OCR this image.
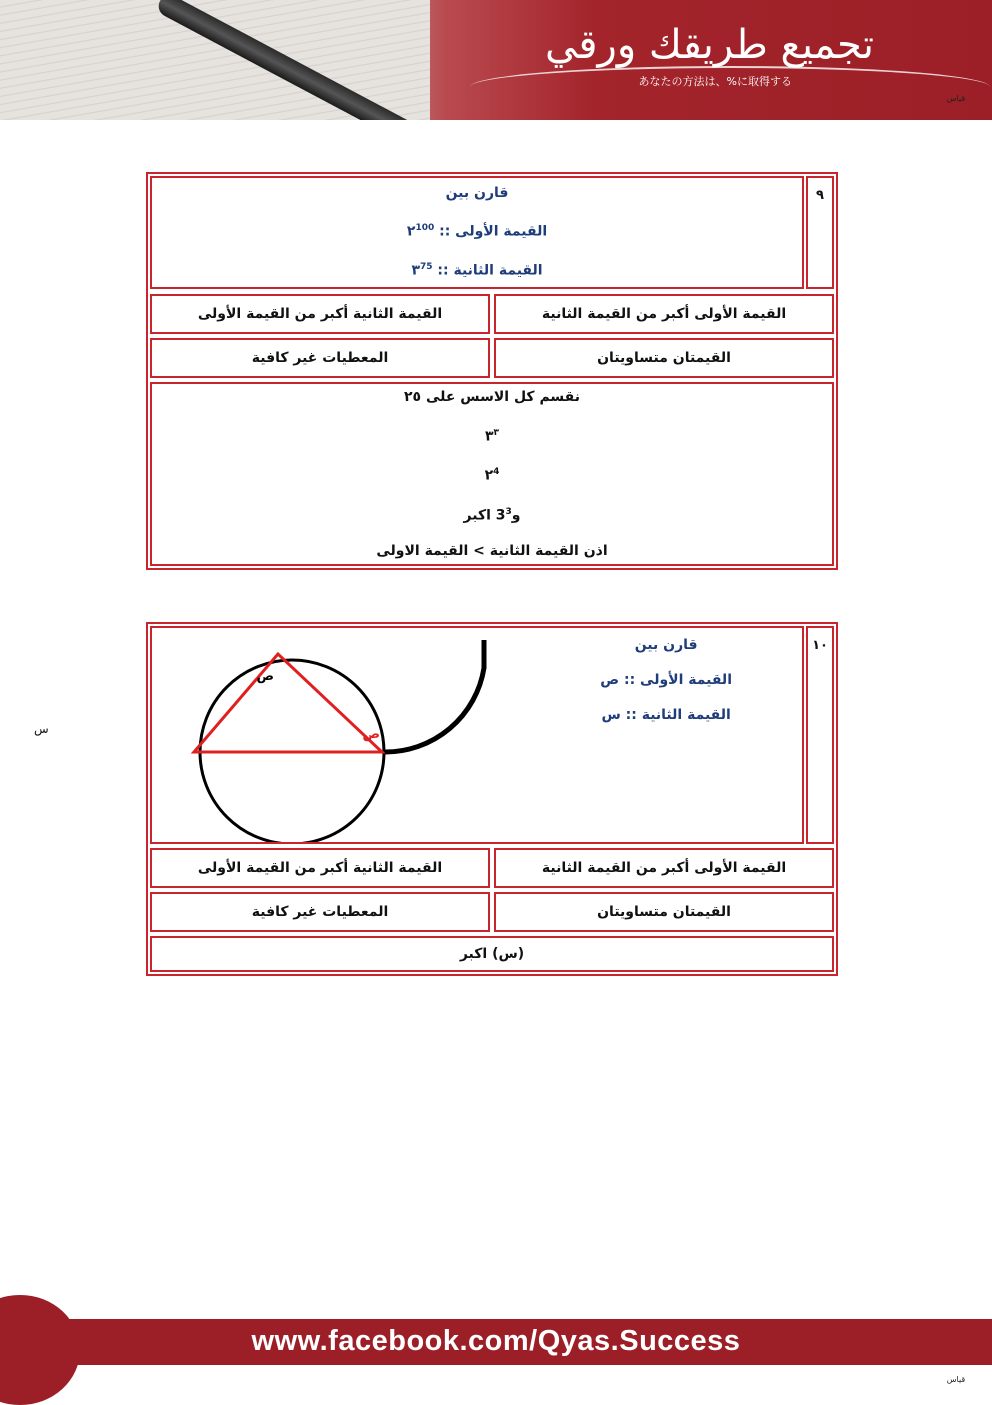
تجميع طريقك ورقي
あなたの方法は、%に取得する
قياس
٩
قارن بين
القيمة الأولى :: $٢^{100}$
القيمة الثانية :: $٣^{75}$
القيمة الأولى أكبر من القيمة الثانية
القيمة الثانية أكبر من القيمة الأولى
القيمتان متساويتان
المعطيات غير كافية
نقسم كل الاسس على ٢٥
$٣^٣$
$٢^4$
$و3^3$ اكبر
اذن القيمة الثانية > القيمة الاولى
١٠
قارن بين
القيمة الأولى :: ص
القيمة الثانية :: س
ص
ص
القيمة الأولى أكبر من القيمة الثانية
القيمة الثانية أكبر من القيمة الأولى
القيمتان متساويتان
المعطيات غير كافية
(س) اكبر
س
www.facebook.com/Qyas.Success
قياس
